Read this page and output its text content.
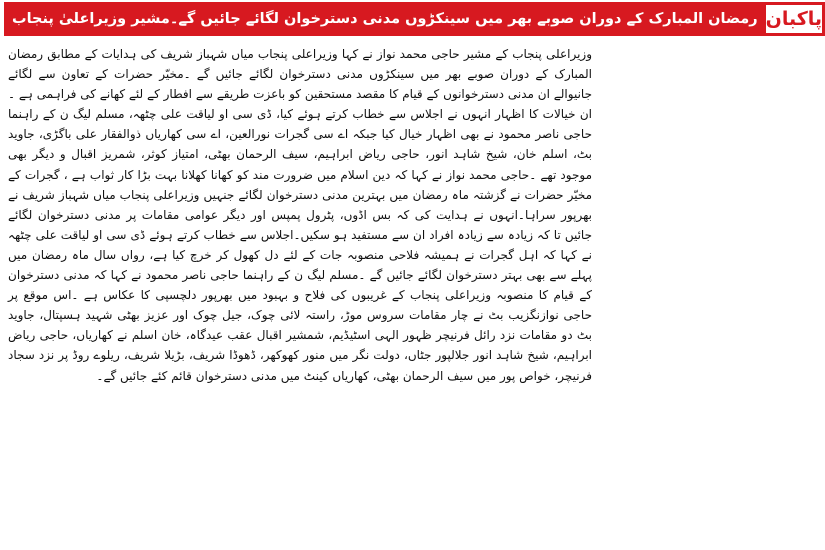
پاکبان
رمضان المبارک کے دوران صوبے بھر میں سینکڑوں مدنی دسترخوان لگائے جائیں گے۔مشیر وزیراعلیٰ پنجاب

وزیراعلی پنجاب کے مشیر حاجی محمد نواز نے کہا وزیراعلی پنجاب میاں شہباز شریف کی ہدایات کے مطابق رمضان المبارک کے دوران صوبے بھر میں سینکڑوں مدنی دسترخوان لگائے جائیں گے ۔مخیّر حضرات کے تعاون سے لگائے جانیوالے ان مدنی دسترخوانوں کے قیام کا مقصد مستحقین کو باعزت طریقے سے افطار کے لئے کھانے کی فراہمی ہے ۔ان خیالات کا اظہار انہوں نے اجلاس سے خطاب کرتے ہوئے کیا، ڈی سی او لیاقت علی چٹھہ، مسلم لیگ ن کے راہنما حاجی ناصر محمود نے بھی اظہار خیال کیا جبکہ اے سی گجرات نورالعین، اے سی کھاریاں ذوالفقار علی باگڑی، جاوید بٹ، اسلم خان، شیخ شاہد انور، حاجی ریاض ابراہیم، سیف الرحمان بھٹی، امتیاز کوثر، شمریز اقبال و دیگر بھی موجود تھے ۔حاجی محمد نواز نے کہا کہ دین اسلام میں ضرورت مند کو کھانا کھلانا بہت بڑا کار ثواب ہے ، گجرات کے مخیّر حضرات نے گزشتہ ماہ رمضان میں بہترین مدنی دسترخوان لگائے جنہیں وزیراعلی پنجاب میاں شہباز شریف نے بھرپور سراہا۔انہوں نے ہدایت کی کہ بس اڈوں، پٹرول پمپس اور دیگر عوامی مقامات پر مدنی دسترخوان لگائے جائیں تا کہ زیادہ سے زیادہ افراد ان سے مستفید ہو سکیں۔اجلاس سے خطاب کرتے ہوئے ڈی سی او لیاقت علی چٹھہ نے کہا کہ اہل گجرات نے ہمیشہ فلاحی منصوبہ جات کے لئے دل کھول کر خرچ کیا ہے، رواں سال ماہ رمضان میں پہلے سے بھی بہتر دسترخوان لگائے جائیں گے ۔مسلم لیگ ن کے راہنما حاجی ناصر محمود نے کہا کہ مدنی دسترخوان کے قیام کا منصوبہ وزیراعلی پنجاب کے غریبوں کی فلاح و بہبود میں بھرپور دلچسپی کا عکاس ہے ۔اس موقع پر حاجی نوازنگزیب بٹ نے چار مقامات سروس موڑ، راستہ لائی چوک، جیل چوک اور عزیز بھٹی شہید ہسپتال، جاوید بٹ دو مقامات نزد رائل فرنیچر ظہور الہی اسٹیڈیم، شمشیر اقبال عقب عیدگاہ، خان اسلم نے کھاریاں، حاجی ریاض ابراہیم، شیخ شاہد انور جلالپور جٹاں، دولت نگر میں منور کھوکھر، ڈھوڈا شریف، بڑیلا شریف، ریلوے روڈ پر نزد سجاد فرنیچر، خواص پور میں سیف الرحمان بھٹی، کھاریاں کینٹ میں مدنی دسترخوان قائم کئے جائیں گے۔
